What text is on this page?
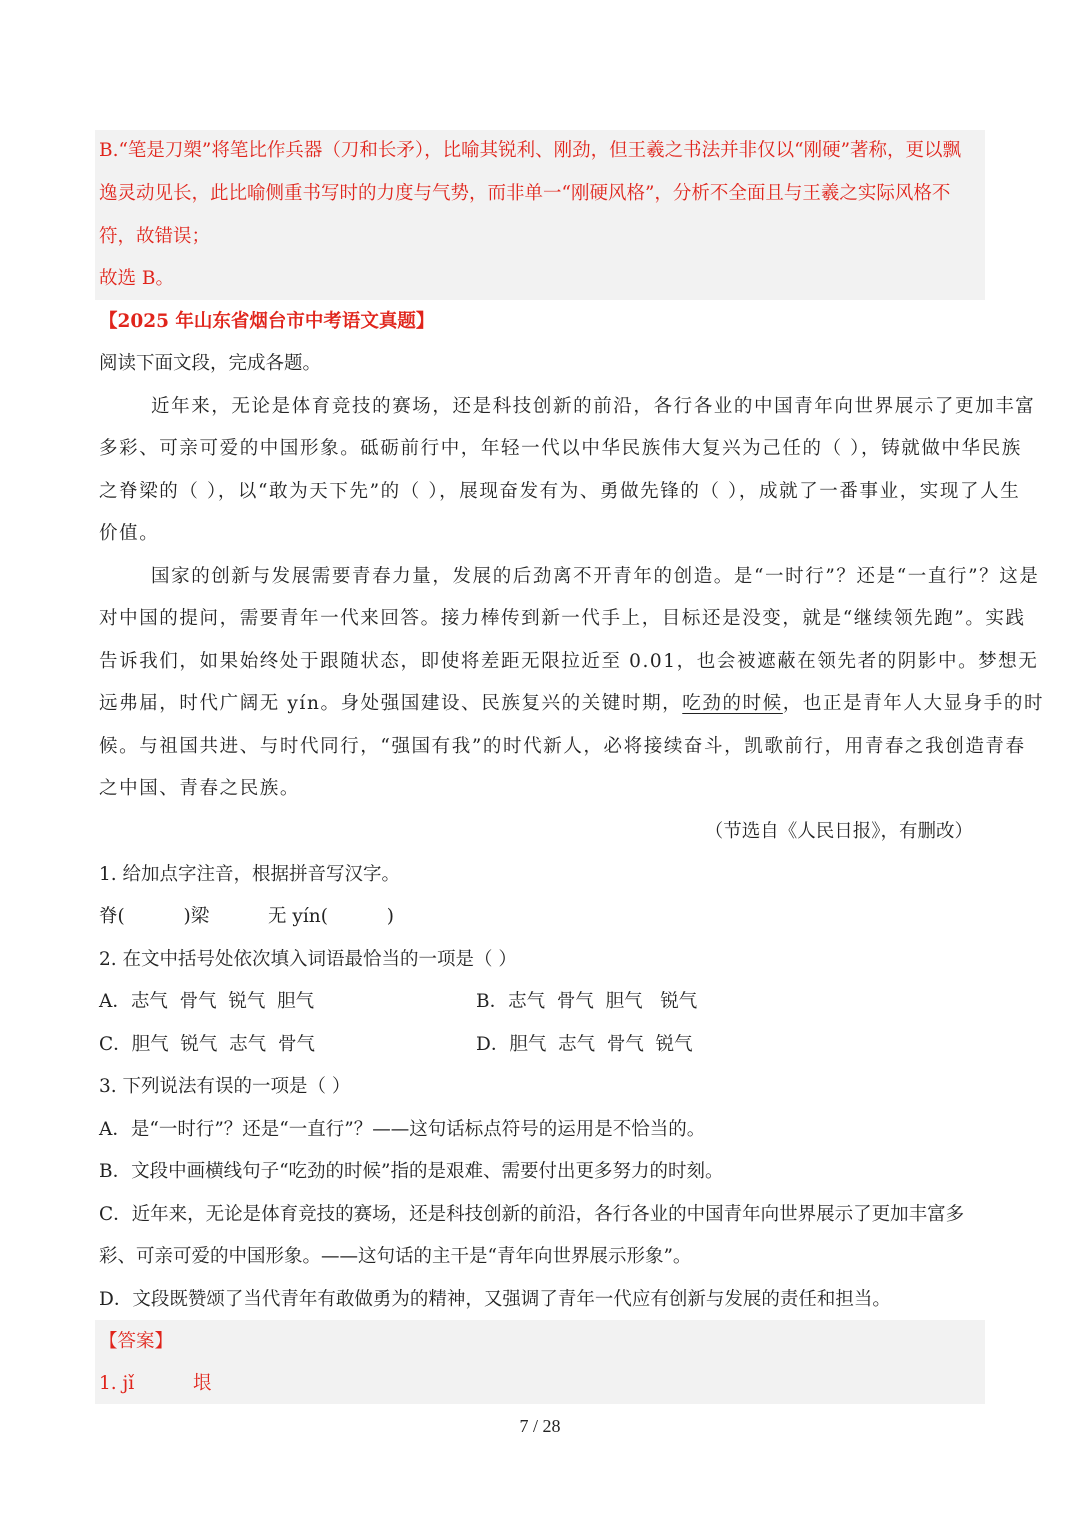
B.“笔是刀槊”将笔比作兵器（刀和长矛），比喻其锐利、刚劲，但王羲之书法并非仅以“刚硬”著称，更以飘
逸灵动见长，此比喻侧重书写时的力度与气势，而非单一“刚硬风格”，分析不全面且与王羲之实际风格不
符，故错误；
故选 B。
【2025 年山东省烟台市中考语文真题】
阅读下面文段，完成各题。
近年来，无论是体育竞技的赛场，还是科技创新的前沿，各行各业的中国青年向世界展示了更加丰富
多彩、可亲可爱的中国形象。砥砺前行中，年轻一代以中华民族伟大复兴为己任的（ ），铸就做中华民族
之脊梁的（ ），以“敢为天下先”的（ ），展现奋发有为、勇做先锋的（ ），成就了一番事业，实现了人生
价值。
国家的创新与发展需要青春力量，发展的后劲离不开青年的创造。是“一时行”？还是“一直行”？这是
对中国的提问，需要青年一代来回答。接力棒传到新一代手上，目标还是没变，就是“继续领先跑”。实践
告诉我们，如果始终处于跟随状态，即使将差距无限拉近至 0.01，也会被遮蔽在领先者的阴影中。梦想无
远弗届，时代广阔无 yín。身处强国建设、民族复兴的关键时期，吃劲的时候，也正是青年人大显身手的时
候。与祖国共进、与时代同行，“强国有我”的时代新人，必将接续奋斗，凯歌前行，用青春之我创造青春
之中国、青春之民族。
（节选自《人民日报》，有删改）
1. 给加点字注音，根据拼音写汉字。
脊(          )梁          无 yín(          )
2. 在文中括号处依次填入词语最恰当的一项是（ ）
A．志气  骨气  锐气  胆气	B．志气  骨气  胆气   锐气
C．胆气  锐气  志气  骨气	D．胆气  志气  骨气  锐气
3. 下列说法有误的一项是（ ）
A．是“一时行”？还是“一直行”？——这句话标点符号的运用是不恰当的。
B．文段中画横线句子“吃劲的时候”指的是艰难、需要付出更多努力的时刻。
C．近年来，无论是体育竞技的赛场，还是科技创新的前沿，各行各业的中国青年向世界展示了更加丰富多
彩、可亲可爱的中国形象。——这句话的主干是“青年向世界展示形象”。
D．文段既赞颂了当代青年有敢做勇为的精神，又强调了青年一代应有创新与发展的责任和担当。
【答案】
1. jǐ          垠
7 / 28
